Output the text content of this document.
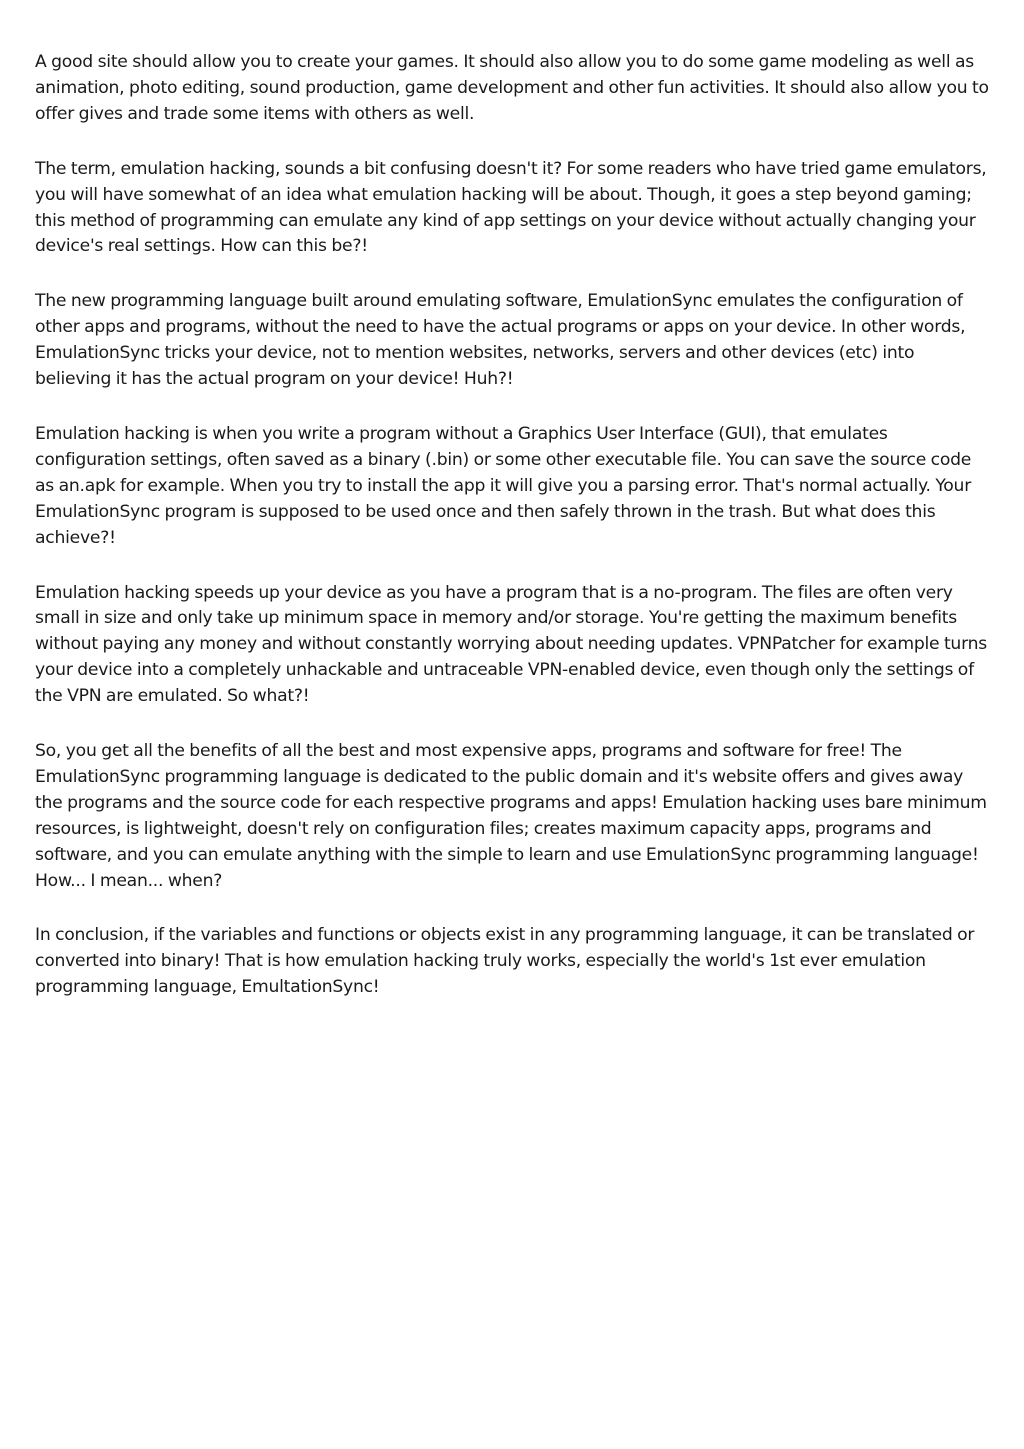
A good site should allow you to create your games. It should also allow you to do some game modeling as well as animation, photo editing, sound production, game development and other fun activities. It should also allow you to offer gives and trade some items with others as well.

The term, emulation hacking, sounds a bit confusing doesn't it? For some readers who have tried game emulators, you will have somewhat of an idea what emulation hacking will be about. Though, it goes a step beyond gaming; this method of programming can emulate any kind of app settings on your device without actually changing your device's real settings. How can this be?!

The new programming language built around emulating software, EmulationSync emulates the configuration of other apps and programs, without the need to have the actual programs or apps on your device. In other words, EmulationSync tricks your device, not to mention websites, networks, servers and other devices (etc) into believing it has the actual program on your device! Huh?!

Emulation hacking is when you write a program without a Graphics User Interface (GUI), that emulates configuration settings, often saved as a binary (.bin) or some other executable file. You can save the source code as an.apk for example. When you try to install the app it will give you a parsing error. That's normal actually. Your EmulationSync program is supposed to be used once and then safely thrown in the trash. But what does this achieve?!

Emulation hacking speeds up your device as you have a program that is a no-program. The files are often very small in size and only take up minimum space in memory and/or storage. You're getting the maximum benefits without paying any money and without constantly worrying about needing updates. VPNPatcher for example turns your device into a completely unhackable and untraceable VPN-enabled device, even though only the settings of the VPN are emulated. So what?!

So, you get all the benefits of all the best and most expensive apps, programs and software for free! The EmulationSync programming language is dedicated to the public domain and it's website offers and gives away the programs and the source code for each respective programs and apps! Emulation hacking uses bare minimum resources, is lightweight, doesn't rely on configuration files; creates maximum capacity apps, programs and software, and you can emulate anything with the simple to learn and use EmulationSync programming language! How... I mean... when?

In conclusion, if the variables and functions or objects exist in any programming language, it can be translated or converted into binary! That is how emulation hacking truly works, especially the world's 1st ever emulation programming language, EmultationSync!
